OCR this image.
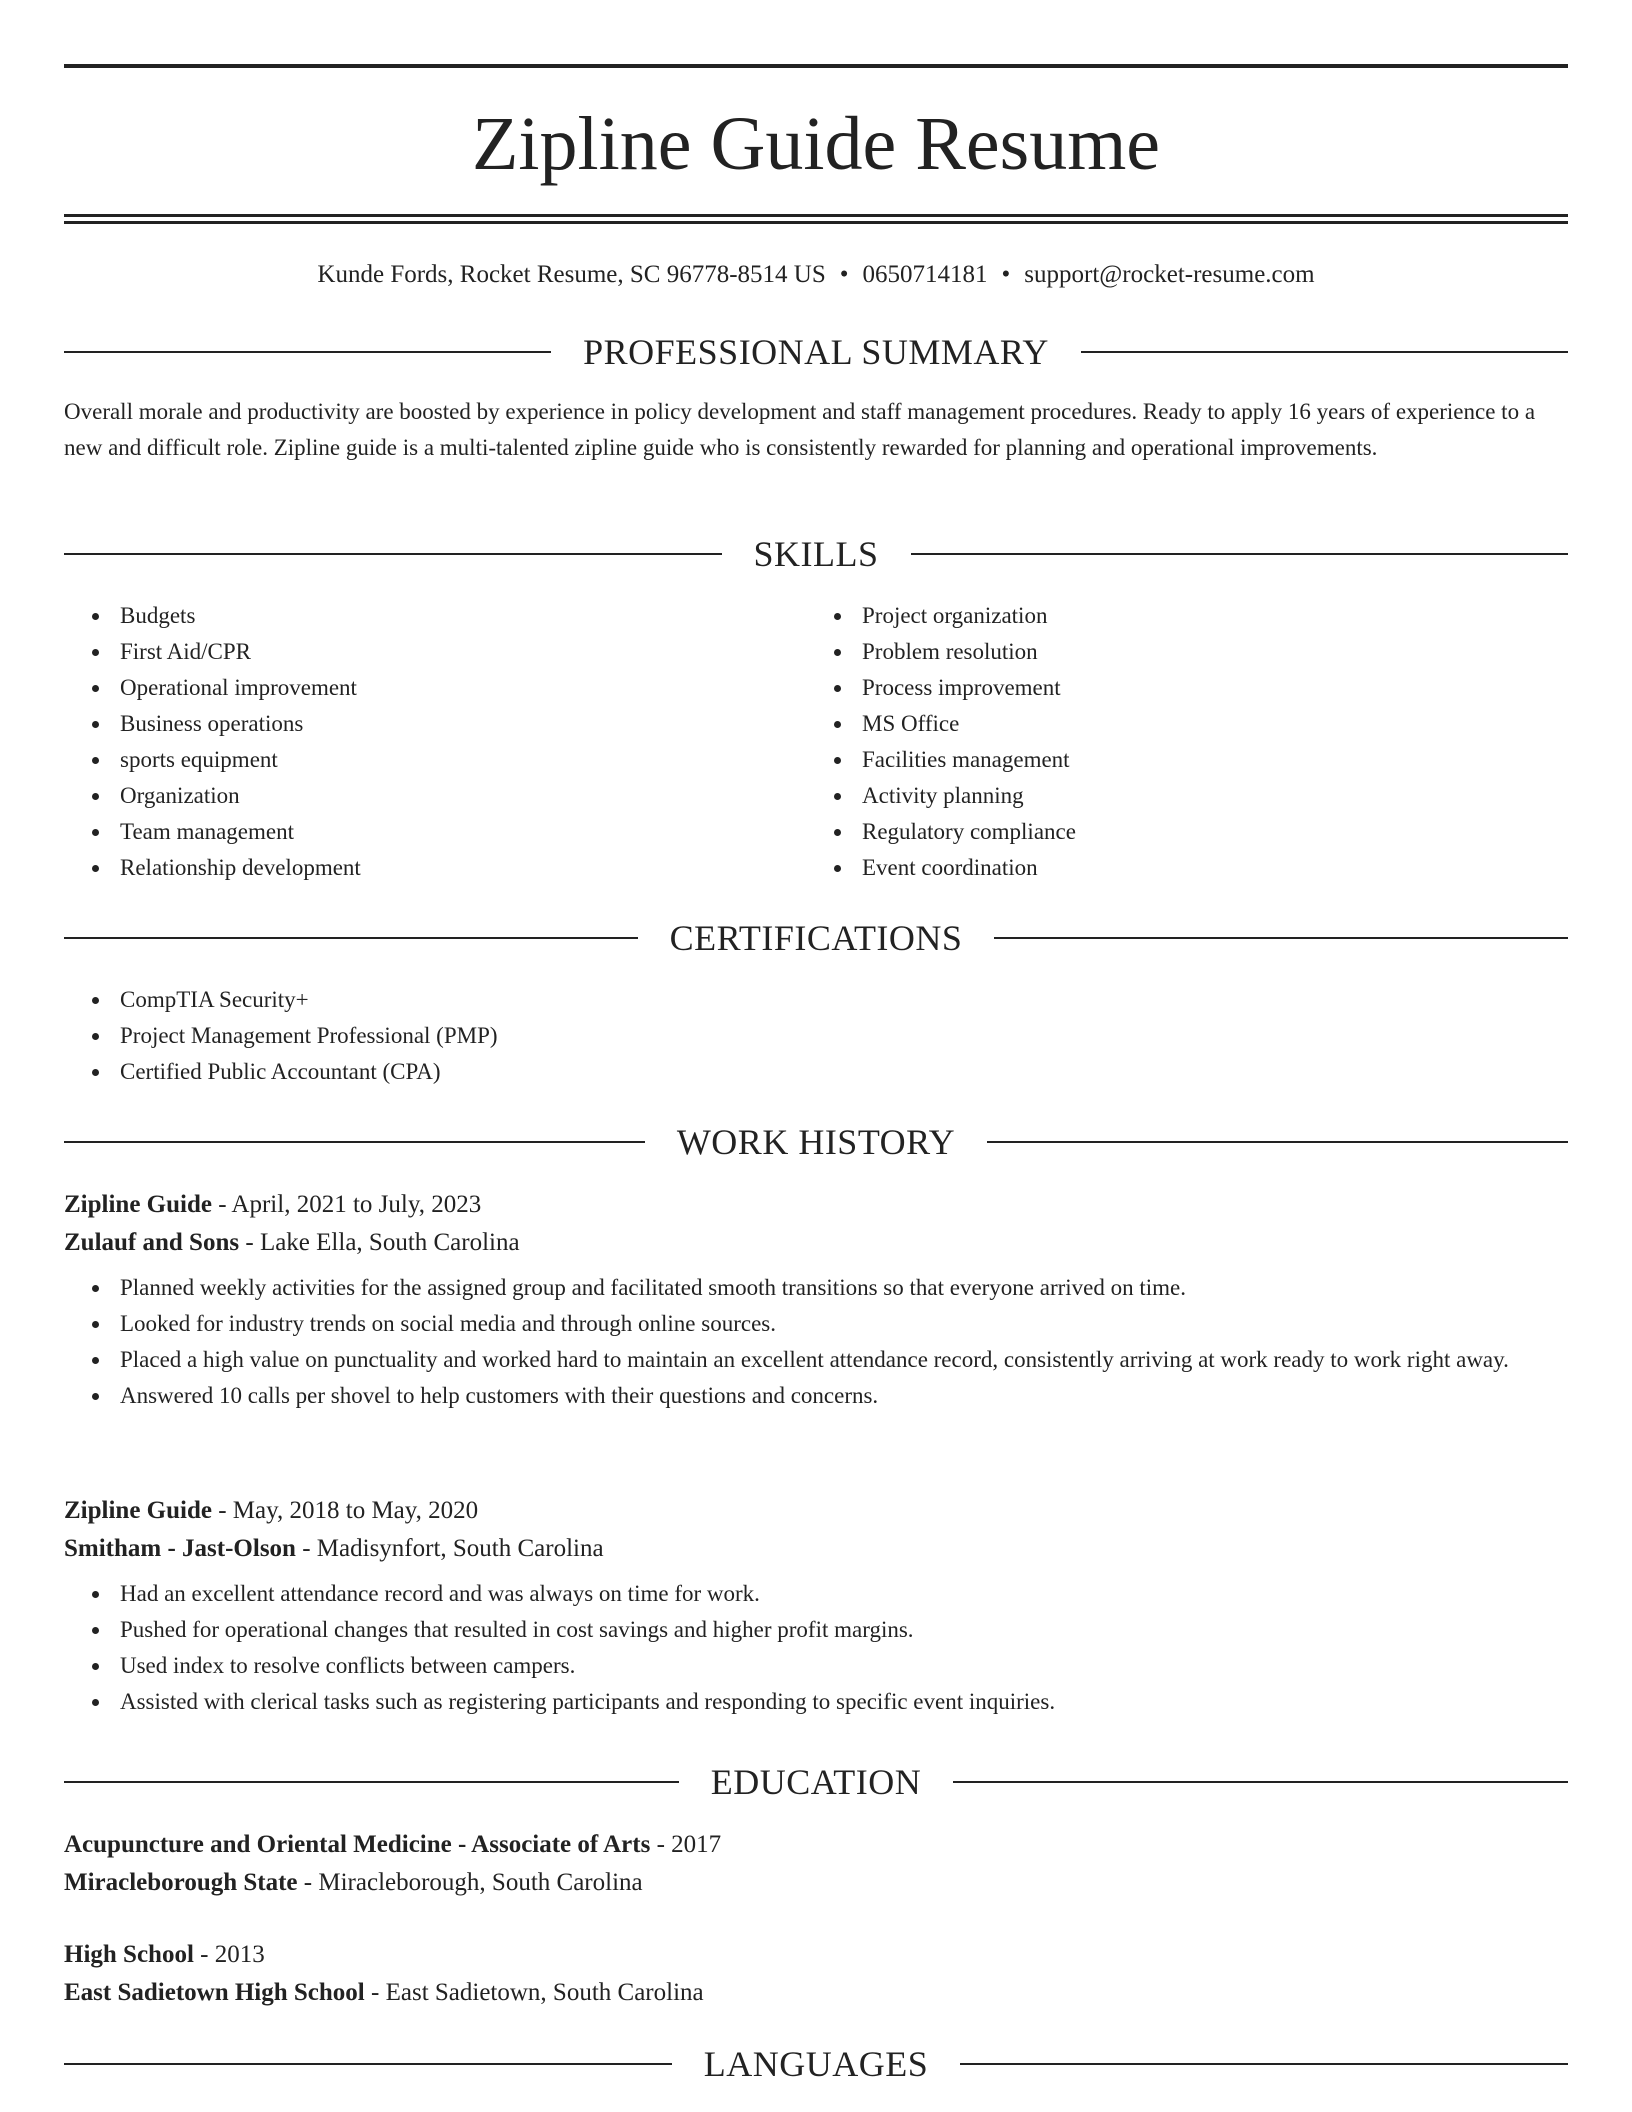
Zipline Guide Resume
Kunde Fords, Rocket Resume, SC 96778-8514 US • 0650714181 • support@rocket-resume.com
PROFESSIONAL SUMMARY
Overall morale and productivity are boosted by experience in policy development and staff management procedures. Ready to apply 16 years of experience to a new and difficult role. Zipline guide is a multi-talented zipline guide who is consistently rewarded for planning and operational improvements.
SKILLS
Budgets
First Aid/CPR
Operational improvement
Business operations
sports equipment
Organization
Team management
Relationship development
Project organization
Problem resolution
Process improvement
MS Office
Facilities management
Activity planning
Regulatory compliance
Event coordination
CERTIFICATIONS
CompTIA Security+
Project Management Professional (PMP)
Certified Public Accountant (CPA)
WORK HISTORY
Zipline Guide - April, 2021 to July, 2023
Zulauf and Sons - Lake Ella, South Carolina
Planned weekly activities for the assigned group and facilitated smooth transitions so that everyone arrived on time.
Looked for industry trends on social media and through online sources.
Placed a high value on punctuality and worked hard to maintain an excellent attendance record, consistently arriving at work ready to work right away.
Answered 10 calls per shovel to help customers with their questions and concerns.
Zipline Guide - May, 2018 to May, 2020
Smitham - Jast-Olson - Madisynfort, South Carolina
Had an excellent attendance record and was always on time for work.
Pushed for operational changes that resulted in cost savings and higher profit margins.
Used index to resolve conflicts between campers.
Assisted with clerical tasks such as registering participants and responding to specific event inquiries.
EDUCATION
Acupuncture and Oriental Medicine - Associate of Arts - 2017
Miracleborough State - Miracleborough, South Carolina
High School - 2013
East Sadietown High School - East Sadietown, South Carolina
LANGUAGES
